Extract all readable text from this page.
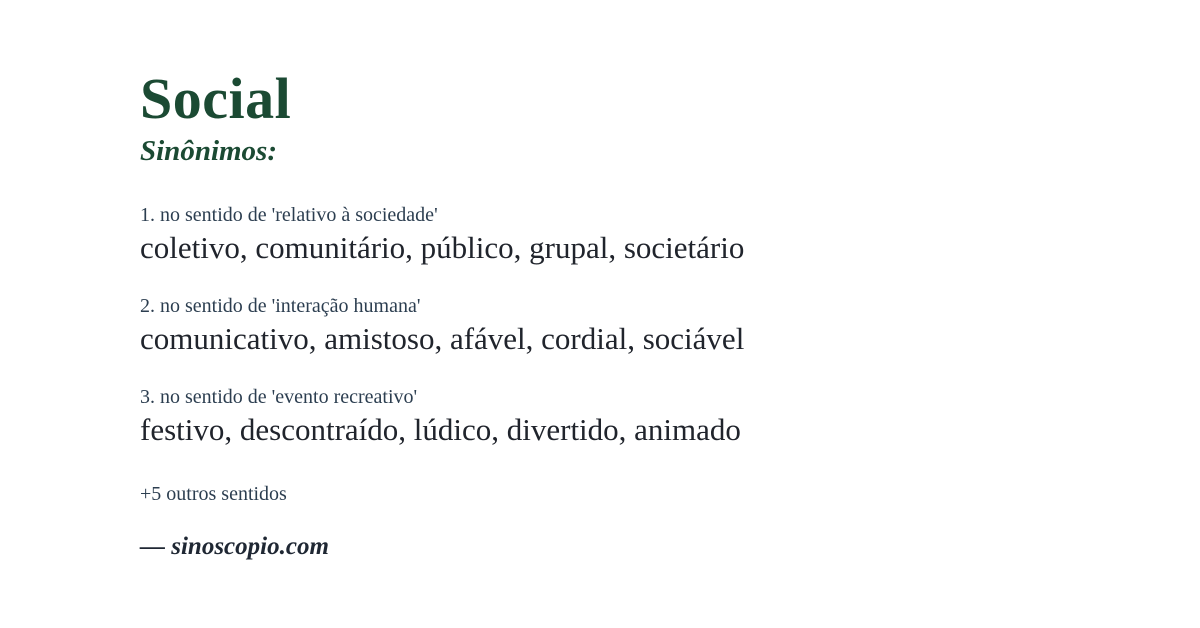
Social
Sinônimos:

1. no sentido de 'relativo à sociedade'

coletivo, comunitário, público, grupal, societário

2. no sentido de 'interação humana'

comunicativo, amistoso, afável, cordial, sociável

3. no sentido de 'evento recreativo'

festivo, descontraído, lúdico, divertido, animado

+5 outros sentidos
— sinoscopio.com
